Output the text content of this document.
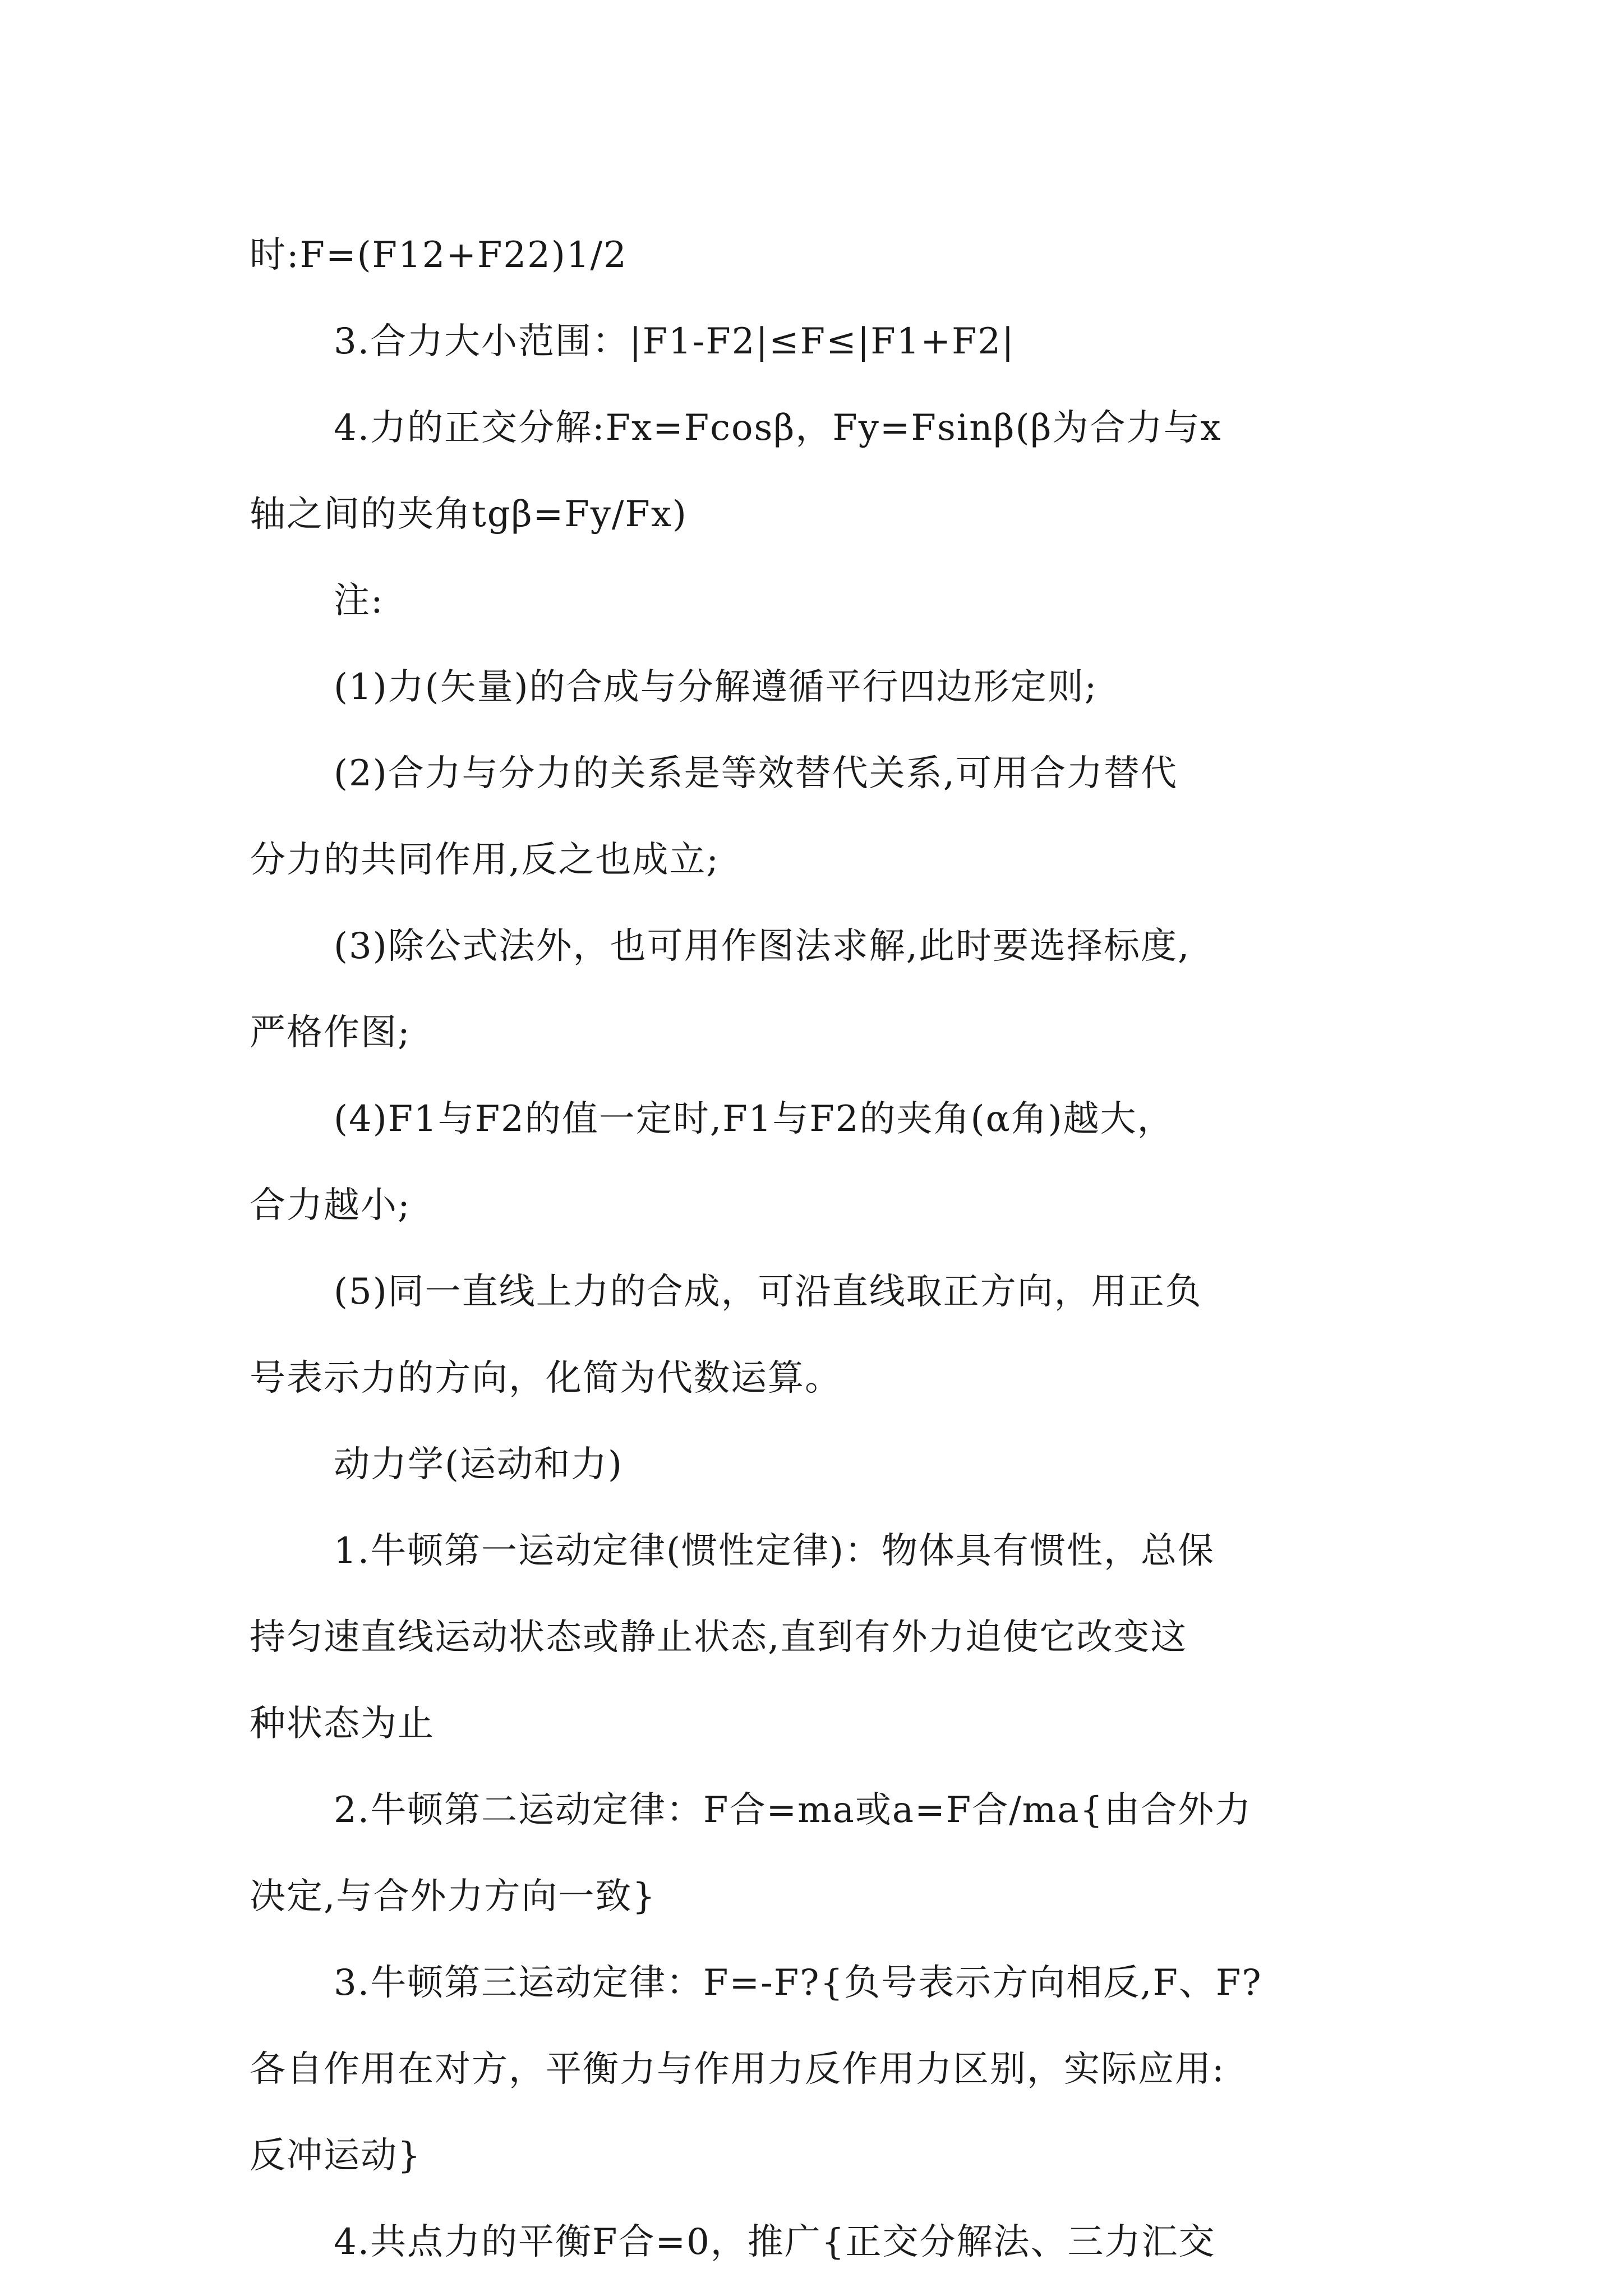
时:F=(F12+F22)1/2
3.合力大小范围：|F1-F2|≤F≤|F1+F2|
4.力的正交分解:Fx=Fcosβ，Fy=Fsinβ(β为合力与x
轴之间的夹角tgβ=Fy/Fx)
注:
(1)力(矢量)的合成与分解遵循平行四边形定则;
(2)合力与分力的关系是等效替代关系,可用合力替代
分力的共同作用,反之也成立;
(3)除公式法外，也可用作图法求解,此时要选择标度,
严格作图;
(4)F1与F2的值一定时,F1与F2的夹角(α角)越大，
合力越小;
(5)同一直线上力的合成，可沿直线取正方向，用正负
号表示力的方向，化简为代数运算。
动力学(运动和力)
1.牛顿第一运动定律(惯性定律)：物体具有惯性，总保
持匀速直线运动状态或静止状态,直到有外力迫使它改变这
种状态为止
2.牛顿第二运动定律：F合=ma或a=F合/ma{由合外力
决定,与合外力方向一致}
3.牛顿第三运动定律：F=-F?{负号表示方向相反,F、F?
各自作用在对方，平衡力与作用力反作用力区别，实际应用:
反冲运动}
4.共点力的平衡F合=0，推广{正交分解法、三力汇交
